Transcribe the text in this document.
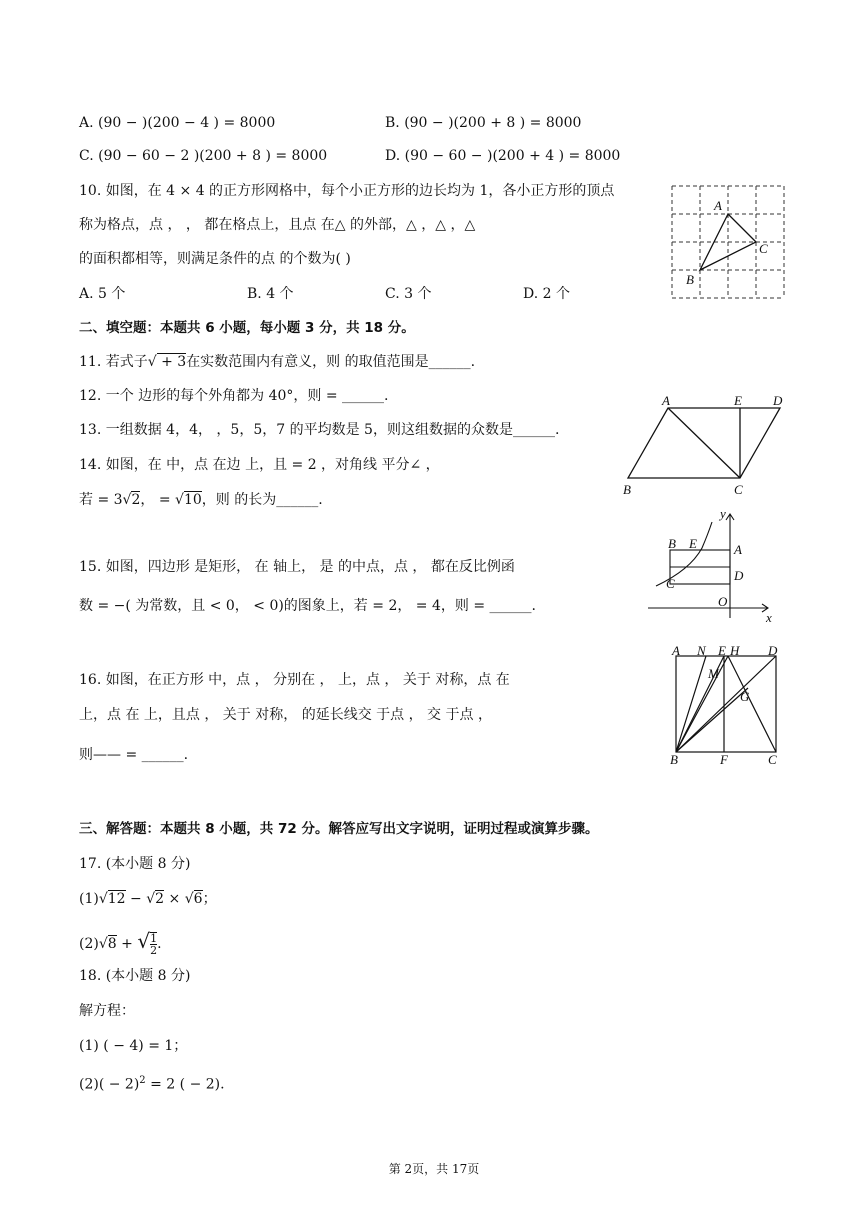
A. (90 − )(200 − 4 ) = 8000	B. (90 − )(200 + 8 ) = 8000
C. (90 − 60 − 2 )(200 + 8 ) = 8000	D. (90 − 60 − )(200 + 4 ) = 8000
10. 如图，在 4 × 4 的正方形网格中，每个小正方形的边长均为 1，各小正方形的顶点
称为格点，点 ， ， 都在格点上，且点 在△ 的外部，△ ，△ ，△
的面积都相等，则满足条件的点 的个数为( )
A. 5 个	B. 4 个	C. 3 个	D. 2 个
A
C
B
二、填空题：本题共 6 小题，每小题 3 分，共 18 分。
11. 若式子√ + 3在实数范围内有意义，则 的取值范围是______.
12. 一个 边形的每个外角都为 40°，则 = ______.
13. 一组数据 4，4， ，5，5，7 的平均数是 5，则这组数据的众数是______.
14. 如图，在 中，点 在边 上，且 = 2 ，对角线 平分∠ ，
若 = 3√2， = √10，则 的长为______.
A	E D
B	C
15. 如图，四边形 是矩形， 在 轴上， 是 的中点，点 ， 都在反比例函
数 = −( 为常数，且 < 0， < 0)的图象上，若 = 2， = 4，则 = ______.
y
x
B E	A
C
D
O
16. 如图，在正方形 中，点 ， 分别在 ， 上，点 ， 关于 对称，点 在
上，点 在 上，且点 ， 关于 对称， 的延长线交 于点 ， 交 于点 ，
则—— = ______.
A N E H D
M
G
B	F	C
三、解答题：本题共 8 小题，共 72 分。解答应写出文字说明，证明过程或演算步骤。
17. (本小题 8 分)
(1)√12 − √2 × √6；
(2)√8 + √ $\frac{1}{2}$ .
18. (本小题 8 分)
解方程：
(1) ( − 4) = 1；
$(2)( - 2)^2 = 2$ ( − 2).
第 2页，共 17页
